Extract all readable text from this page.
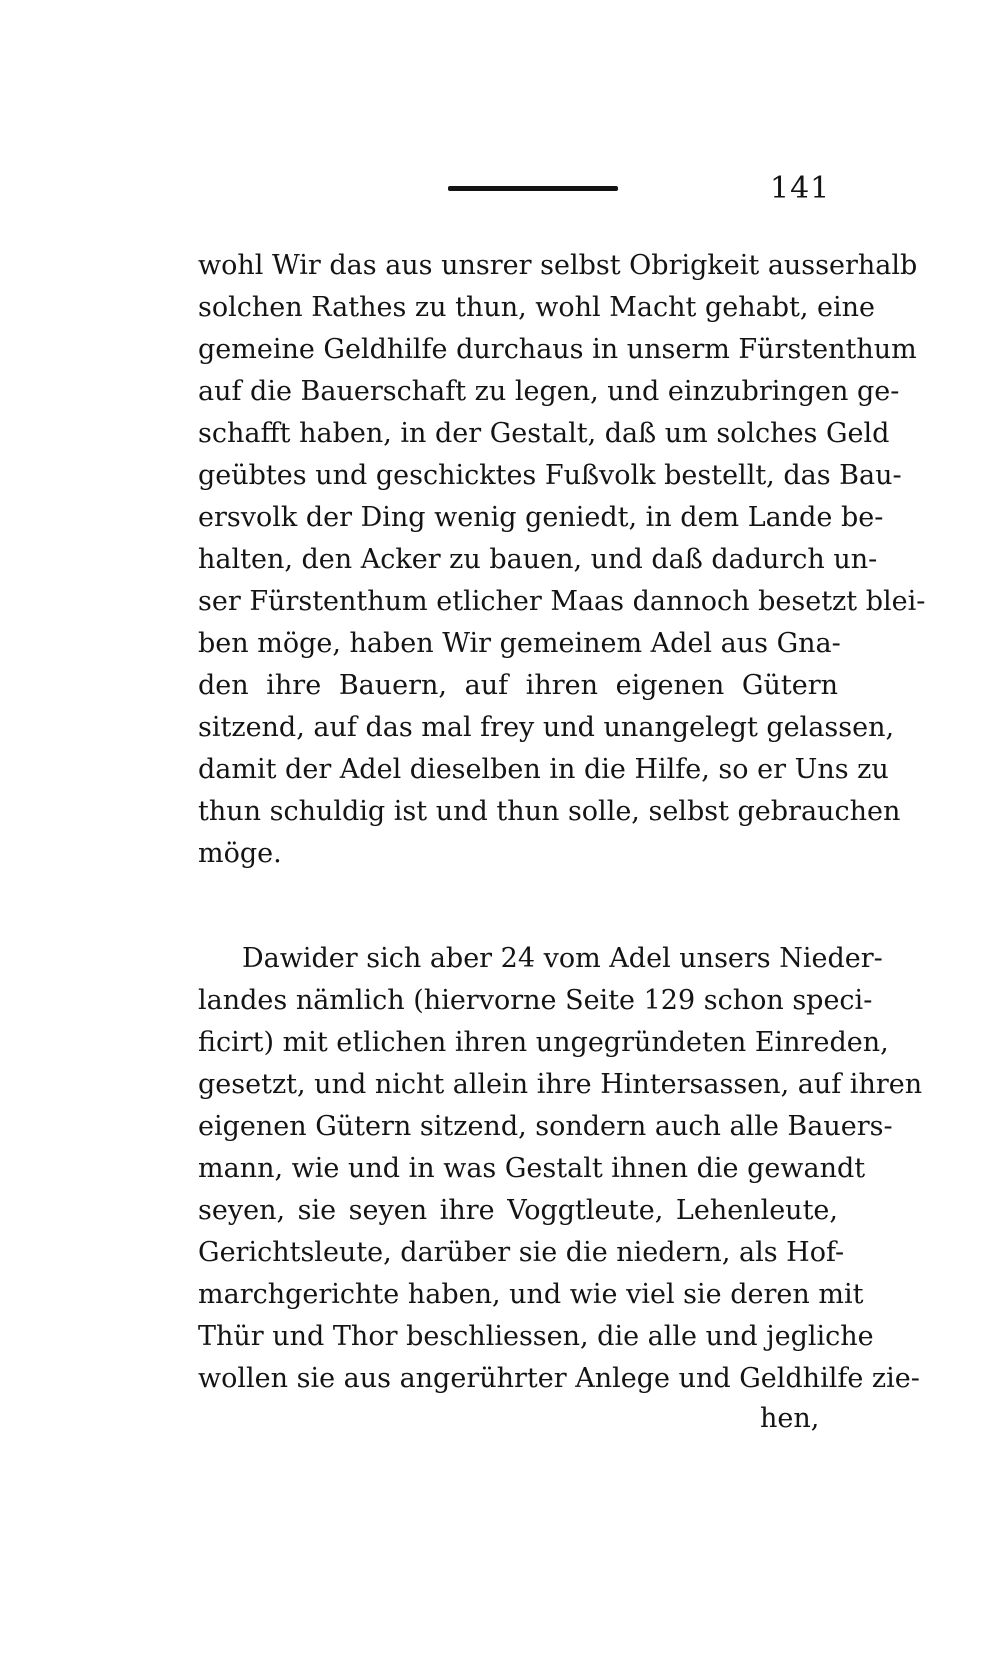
141
wohl Wir das aus unsrer selbst Obrigkeit ausserhalb
solchen Rathes zu thun, wohl Macht gehabt, eine
gemeine Geldhilfe durchaus in unserm Fürstenthum
auf die Bauerschaft zu legen, und einzubringen ge-
schafft haben, in der Gestalt, daß um solches Geld
geübtes und geschicktes Fußvolk bestellt, das Bau-
ersvolk der Ding wenig geniedt, in dem Lande be-
halten, den Acker zu bauen, und daß dadurch un-
ser Fürstenthum etlicher Maas dannoch besetzt blei-
ben möge, haben Wir gemeinem Adel aus Gna-
den ihre Bauern, auf ihren eigenen Gütern
sitzend, auf das mal frey und unangelegt gelassen,
damit der Adel dieselben in die Hilfe, so er Uns zu
thun schuldig ist und thun solle, selbst gebrauchen
möge.
Dawider sich aber 24 vom Adel unsers Nieder-
landes nämlich (hiervorne Seite 129 schon speci-
ficirt) mit etlichen ihren ungegründeten Einreden,
gesetzt, und nicht allein ihre Hintersassen, auf ihren
eigenen Gütern sitzend, sondern auch alle Bauers-
mann, wie und in was Gestalt ihnen die gewandt
seyen, sie seyen ihre Voggtleute, Lehenleute,
Gerichtsleute, darüber sie die niedern, als Hof-
marchgerichte haben, und wie viel sie deren mit
Thür und Thor beschliessen, die alle und jegliche
wollen sie aus angerührter Anlege und Geldhilfe zie-
hen,
